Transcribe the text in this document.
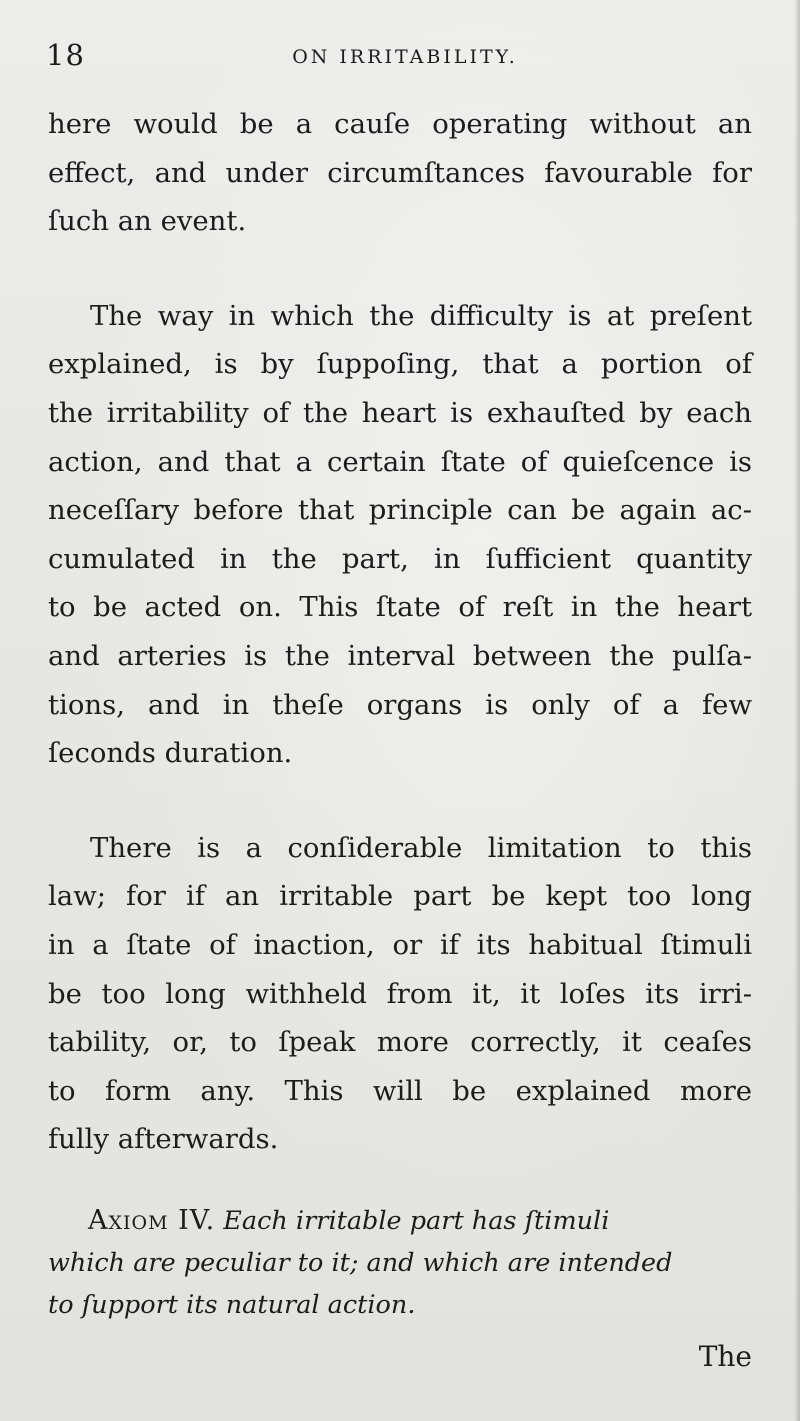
18	ON IRRITABILITY.

here would be a cauſe operating without an
effect, and under circumſtances favourable for
ſuch an event.

The way in which the difficulty is at preſent
explained, is by ſuppoſing, that a portion of
the irritability of the heart is exhauſted by each
action, and that a certain ſtate of quieſcence is
neceſſary before that principle can be again ac-
cumulated in the part, in ſufficient quantity
to be acted on. This ſtate of reſt in the heart
and arteries is the interval between the pulſa-
tions, and in theſe organs is only of a few
ſeconds duration.

There is a conſiderable limitation to this
law; for if an irritable part be kept too long
in a ſtate of inaction, or if its habitual ſtimuli
be too long withheld from it, it loſes its irri-
tability, or, to ſpeak more correctly, it ceaſes
to form any. This will be explained more
fully afterwards.

Axiom IV. Each irritable part has ſtimuli
which are peculiar to it; and which are intended
to ſupport its natural action.
The
